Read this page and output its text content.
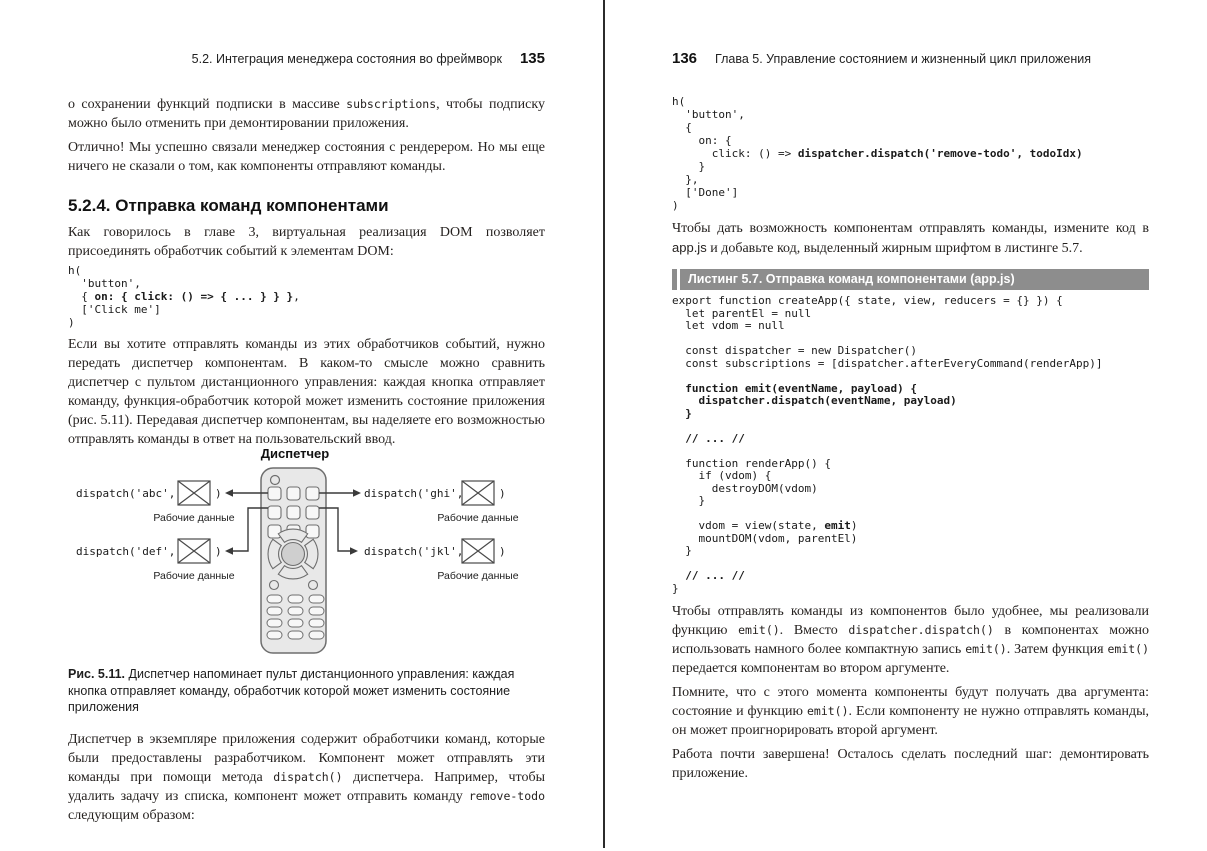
5.2. Интеграция менеджера состояния во фреймворк 135

о сохранении функций подписки в массиве subscriptions, чтобы подписку можно было отменить при демонтировании приложения.

Отлично! Мы успешно связали менеджер состояния с рендерером. Но мы еще ничего не сказали о том, как компоненты отправляют команды.

5.2.4. Отправка команд компонентами

Как говорилось в главе 3, виртуальная реализация DOM позволяет присоединять обработчик событий к элементам DOM:

h(
'button',
{ on: { click: () => { ... } } },
['Click me']
)

Если вы хотите отправлять команды из этих обработчиков событий, нужно передать диспетчер компонентам. В каком-то смысле можно сравнить диспетчер с пультом дистанционного управления: каждая кнопка отправляет команду, функция-обработчик которой может изменить состояние приложения (рис. 5.11). Передавая диспетчер компонентам, вы наделяете его возможностью отправлять команды в ответ на пользовательский ввод.

Диспетчер
dispatch('abc',	)
Рабочие данные
dispatch('def',	)
Рабочие данные
dispatch('ghi',	)
Рабочие данные
dispatch('jkl',	)
Рабочие данные

Рис. 5.11. Диспетчер напоминает пульт дистанционного управления: каждая кнопка отправляет команду, обработчик которой может изменить состояние приложения

Диспетчер в экземпляре приложения содержит обработчики команд, которые были предоставлены разработчиком. Компонент может отправлять эти команды при помощи метода dispatch() диспетчера. Например, чтобы удалить задачу из списка, компонент может отправить команду remove-todo следующим образом:

136 Глава 5. Управление состоянием и жизненный цикл приложения
h(
'button',
{
on: {
click: () => dispatcher.dispatch('remove-todo', todoIdx)
}
},
['Done']
)

Чтобы дать возможность компонентам отправлять команды, измените код в app.js и добавьте код, выделенный жирным шрифтом в листинге 5.7.

Листинг 5.7. Отправка команд компонентами (app.js)
export function createApp({ state, view, reducers = {} }) {
let parentEl = null
let vdom = null

const dispatcher = new Dispatcher()
const subscriptions = [dispatcher.afterEveryCommand(renderApp)]

function emit(eventName, payload) {
dispatcher.dispatch(eventName, payload)
}

// ... //

function renderApp() {
if (vdom) {
destroyDOM(vdom)
}

vdom = view(state, emit)
mountDOM(vdom, parentEl)
}

// ... //
}

Чтобы отправлять команды из компонентов было удобнее, мы реализовали функцию emit(). Вместо dispatcher.dispatch() в компонентах можно использовать намного более компактную запись emit(). Затем функция emit() передается компонентам во втором аргументе.

Помните, что с этого момента компоненты будут получать два аргумента: состояние и функцию emit(). Если компоненту не нужно отправлять команды, он может проигнорировать второй аргумент.

Работа почти завершена! Осталось сделать последний шаг: демонтировать приложение.
